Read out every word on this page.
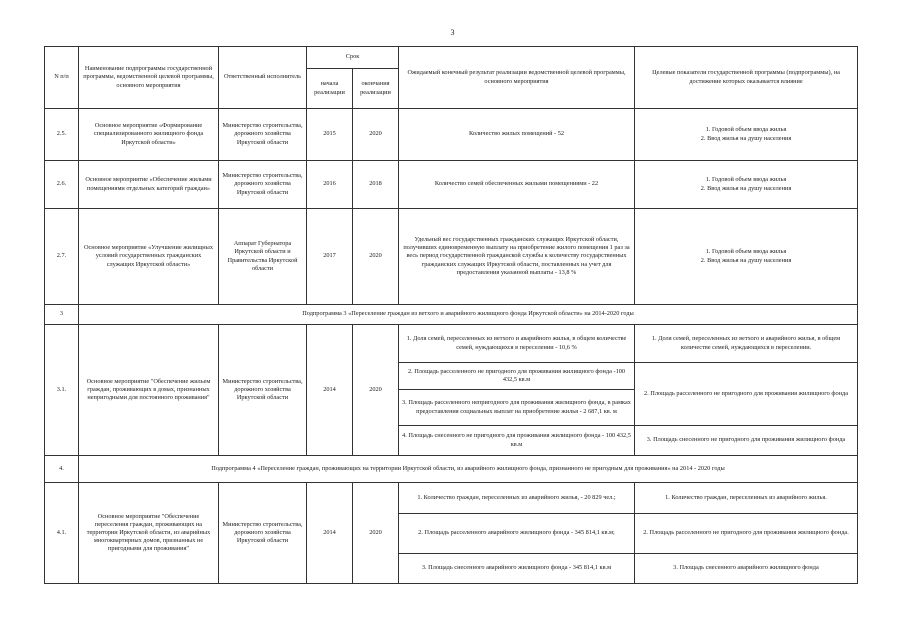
3
N п/п	Наименование подпрограммы государственной программы, ведомственной целевой программы, основного мероприятия	Ответственный исполнитель	Срок		Ожидаемый конечный результат реализации ведомственной целевой программы, основного мероприятия	Целевые показатели государственной программы (подпрограммы), на достижение которых оказывается влияние
			начала реализации	окончания реализации		
2.5.	Основное мероприятие «Формирование специализированного жилищного фонда Иркутской области»	Министерство строительства, дорожного хозяйства Иркутской области	2015	2020	Количество жилых помещений - 52	1. Годовой объем ввода жилья
2. Ввод жилья на душу населения

2.6.	Основное мероприятие «Обеспечение жилыми помещениями отдельных категорий граждан»	Министерство строительства, дорожного хозяйства Иркутской области	2016	2018	Количество семей обеспеченных жилыми помещениями - 22	1. Годовой объем ввода жилья
2. Ввод жилья на душу населения

2.7.	Основное мероприятие «Улучшение жилищных условий государственных гражданских служащих Иркутской области»	Аппарат Губернатора Иркутской области и Правительства Иркутской области	2017	2020	Удельный вес государственных гражданских служащих Иркутской области, получивших единовременную выплату на приобретение жилого помещения 1 раз за весь период государственной гражданской службы к количеству государственных гражданских служащих Иркутской области, поставленных на учет для предоставления указанной выплаты - 13,8 %	1. Годовой объем ввода жилья
2. Ввод жилья на душу населения

3	Подпрограмма 3 «Переселение граждан из ветхого и аварийного жилищного фонда Иркутской области» на 2014-2020 годы					
3.1.	Основное мероприятие "Обеспечение жильем граждан, проживающих в домах, признанных непригодными для постоянного проживания"	Министерство строительства, дорожного хозяйства Иркутской области	2014	2020	1. Доля семей, переселенных из ветхого и аварийного жилья, в общем количестве семей, нуждающихся в переселении - 10,6 %	1. Доля семей, переселенных из ветхого и аварийного жилья, в общем количестве семей, нуждающихся в переселении.
					2. Площадь расселенного не пригодного для проживания жилищного фонда -100 432,5 кв.м	2. Площадь расселенного не пригодного для проживания жилищного фонда
					3. Площадь расселенного непригодного для проживания жилищного фонда, в рамках предоставления социальных выплат на приобретение жилья - 2 687,1 кв. м	
					4. Площадь снесенного не пригодного для проживания жилищного фонда - 100 432,5 кв.м	3. Площадь снесенного не пригодного для проживания жилищного фонда
4.	Подпрограмма 4 «Переселение граждан, проживающих на территории Иркутской области, из аварийного жилищного фонда, признанного не пригодным для проживания» на 2014 - 2020 годы					
4.1.	Основное мероприятие "Обеспечение переселения граждан, проживающих на территории Иркутской области, из аварийных многоквартирных домов, признанных не пригодными для проживания"	Министерство строительства, дорожного хозяйства Иркутской области	2014	2020	1. Количество граждан, переселенных из аварийного жилья, - 20 829 чел.;	1. Количество граждан, переселенных из аварийного жилья.
					2. Площадь расселенного аварийного жилищного фонда - 345 814,1 кв.м;	2. Площадь расселенного не пригодного для проживания жилищного фонда.
					3. Площадь снесенного аварийного жилищного фонда - 345 814,1 кв.м	3. Площадь снесенного аварийного жилищного фонда
